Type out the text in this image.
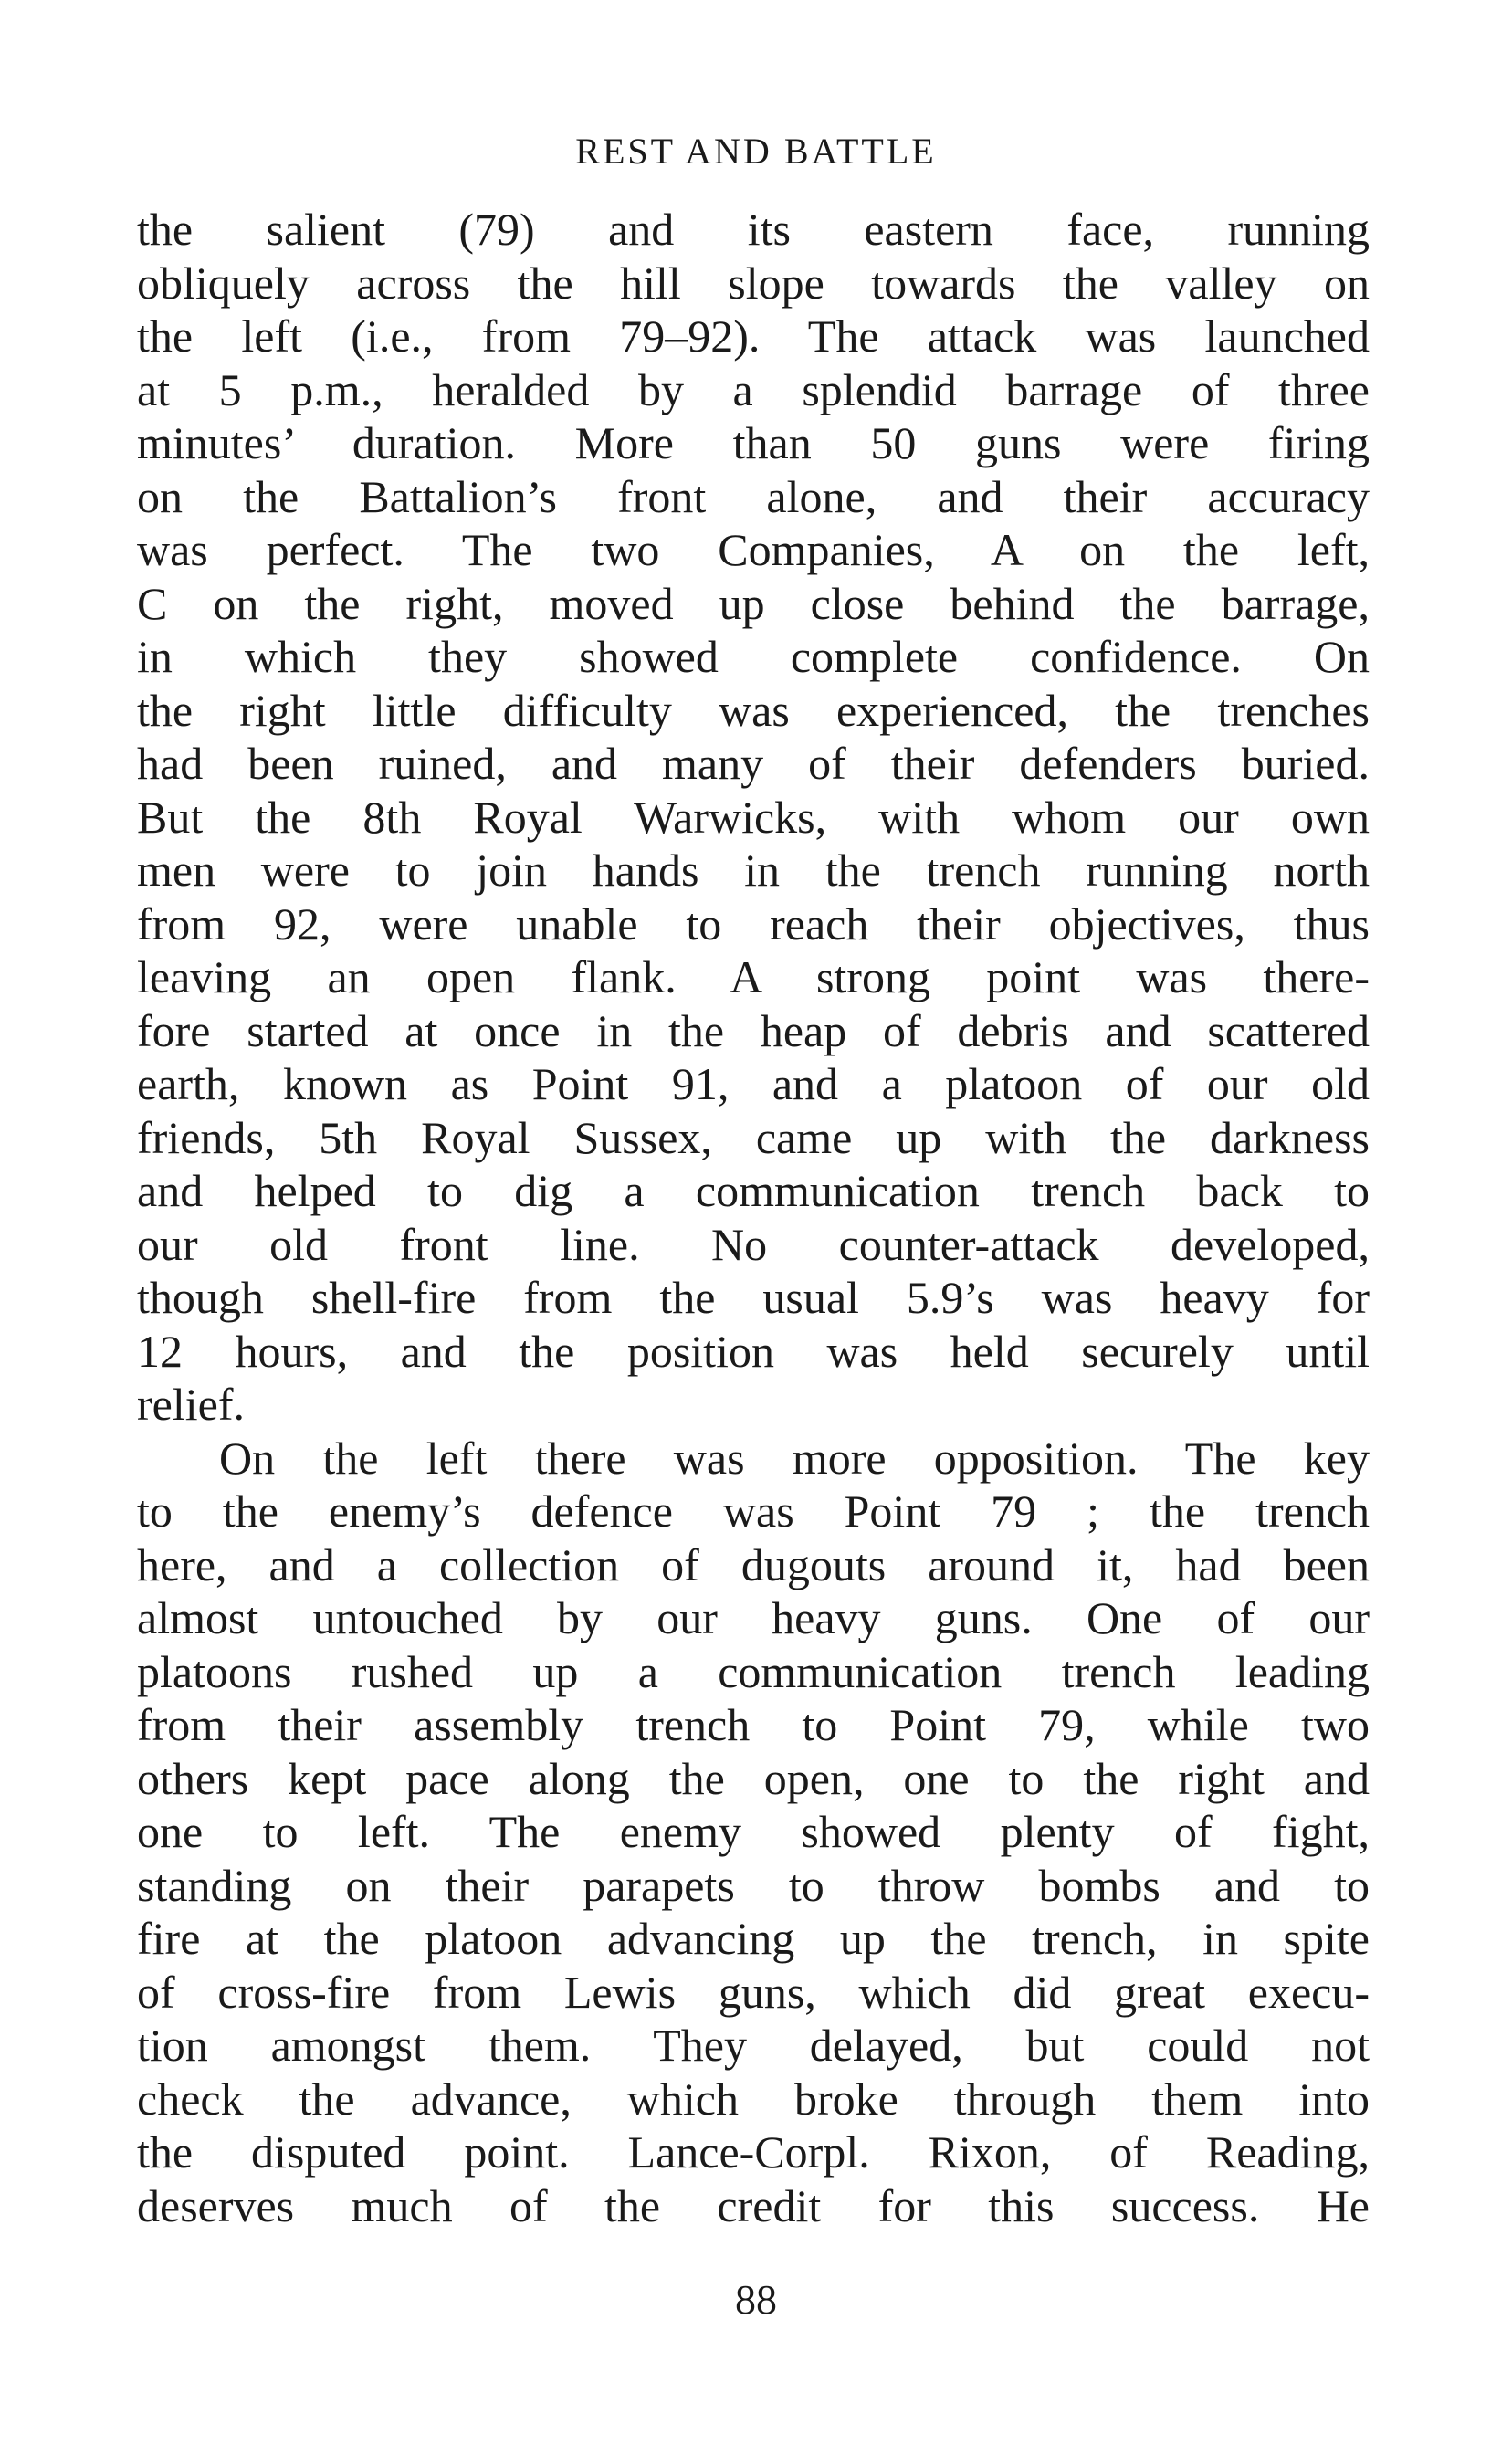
REST AND BATTLE
the salient (79) and its eastern face, running
obliquely across the hill slope towards the valley on
the left (i.e., from 79–92). The attack was launched
at 5 p.m., heralded by a splendid barrage of three
minutes’ duration. More than 50 guns were firing
on the Battalion’s front alone, and their accuracy
was perfect. The two Companies, A on the left,
C on the right, moved up close behind the barrage,
in which they showed complete confidence. On
the right little difficulty was experienced, the trenches
had been ruined, and many of their defenders buried.
But the 8th Royal Warwicks, with whom our own
men were to join hands in the trench running north
from 92, were unable to reach their objectives, thus
leaving an open flank. A strong point was there-
fore started at once in the heap of debris and scattered
earth, known as Point 91, and a platoon of our old
friends, 5th Royal Sussex, came up with the darkness
and helped to dig a communication trench back to
our old front line. No counter-attack developed,
though shell-fire from the usual 5.9’s was heavy for
12 hours, and the position was held securely until
relief.
On the left there was more opposition. The key
to the enemy’s defence was Point 79 ; the trench
here, and a collection of dugouts around it, had been
almost untouched by our heavy guns. One of our
platoons rushed up a communication trench leading
from their assembly trench to Point 79, while two
others kept pace along the open, one to the right and
one to left. The enemy showed plenty of fight,
standing on their parapets to throw bombs and to
fire at the platoon advancing up the trench, in spite
of cross-fire from Lewis guns, which did great execu-
tion amongst them. They delayed, but could not
check the advance, which broke through them into
the disputed point. Lance-Corpl. Rixon, of Reading,
deserves much of the credit for this success. He
88
